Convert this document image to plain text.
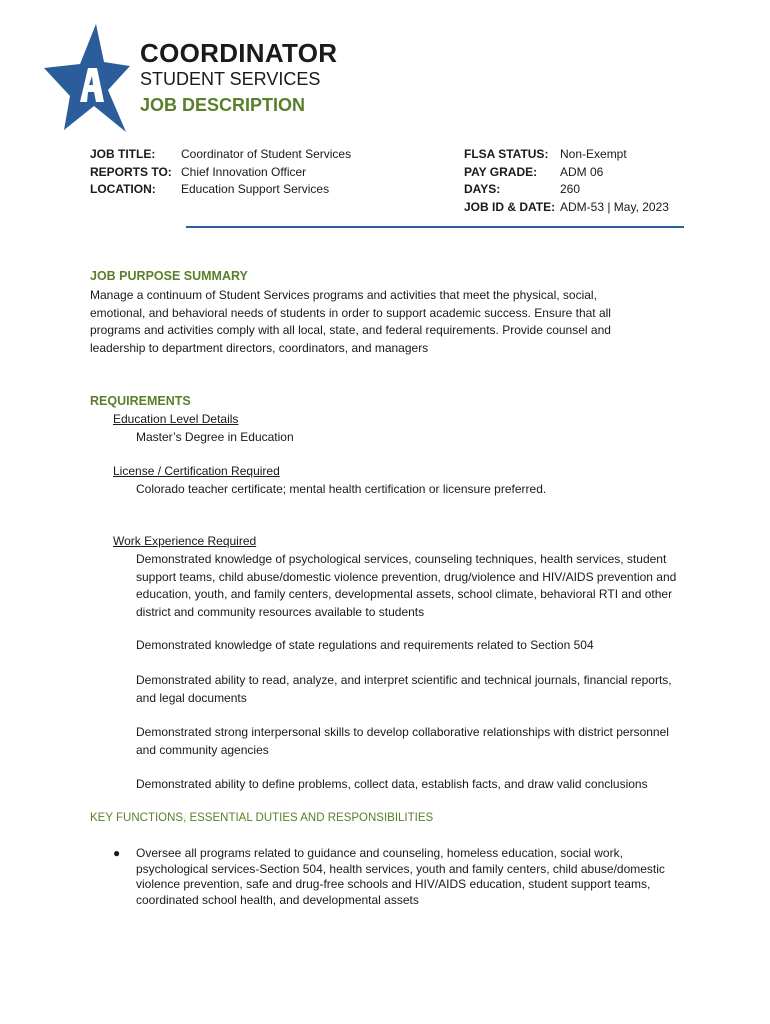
COORDINATOR
STUDENT SERVICES
JOB DESCRIPTION
JOB TITLE:	Coordinator of Student Services
REPORTS TO: Chief Innovation Officer
LOCATION:	Education Support Services
FLSA STATUS: Non-Exempt
PAY GRADE:	ADM 06
DAYS:	260
JOB ID & DATE: ADM-53 | May, 2023
JOB PURPOSE SUMMARY
Manage a continuum of Student Services programs and activities that meet the physical, social, emotional, and behavioral needs of students in order to support academic success. Ensure that all programs and activities comply with all local, state, and federal requirements. Provide counsel and leadership to department directors, coordinators, and managers
REQUIREMENTS
Education Level Details
Master’s Degree in Education
License / Certification Required
Colorado teacher certificate; mental health certification or licensure preferred.
Work Experience Required
Demonstrated knowledge of psychological services, counseling techniques, health services, student support teams, child abuse/domestic violence prevention, drug/violence and HIV/AIDS prevention and education, youth, and family centers, developmental assets, school climate, behavioral RTI and other district and community resources available to students
Demonstrated knowledge of state regulations and requirements related to Section 504
Demonstrated ability to read, analyze, and interpret scientific and technical journals, financial reports, and legal documents
Demonstrated strong interpersonal skills to develop collaborative relationships with district personnel and community agencies
Demonstrated ability to define problems, collect data, establish facts, and draw valid conclusions
KEY FUNCTIONS, ESSENTIAL DUTIES AND RESPONSIBILITIES
● Oversee all programs related to guidance and counseling, homeless education, social work, psychological services-Section 504, health services, youth and family centers, child abuse/domestic violence prevention, safe and drug-free schools and HIV/AIDS education, student support teams, coordinated school health, and developmental assets
